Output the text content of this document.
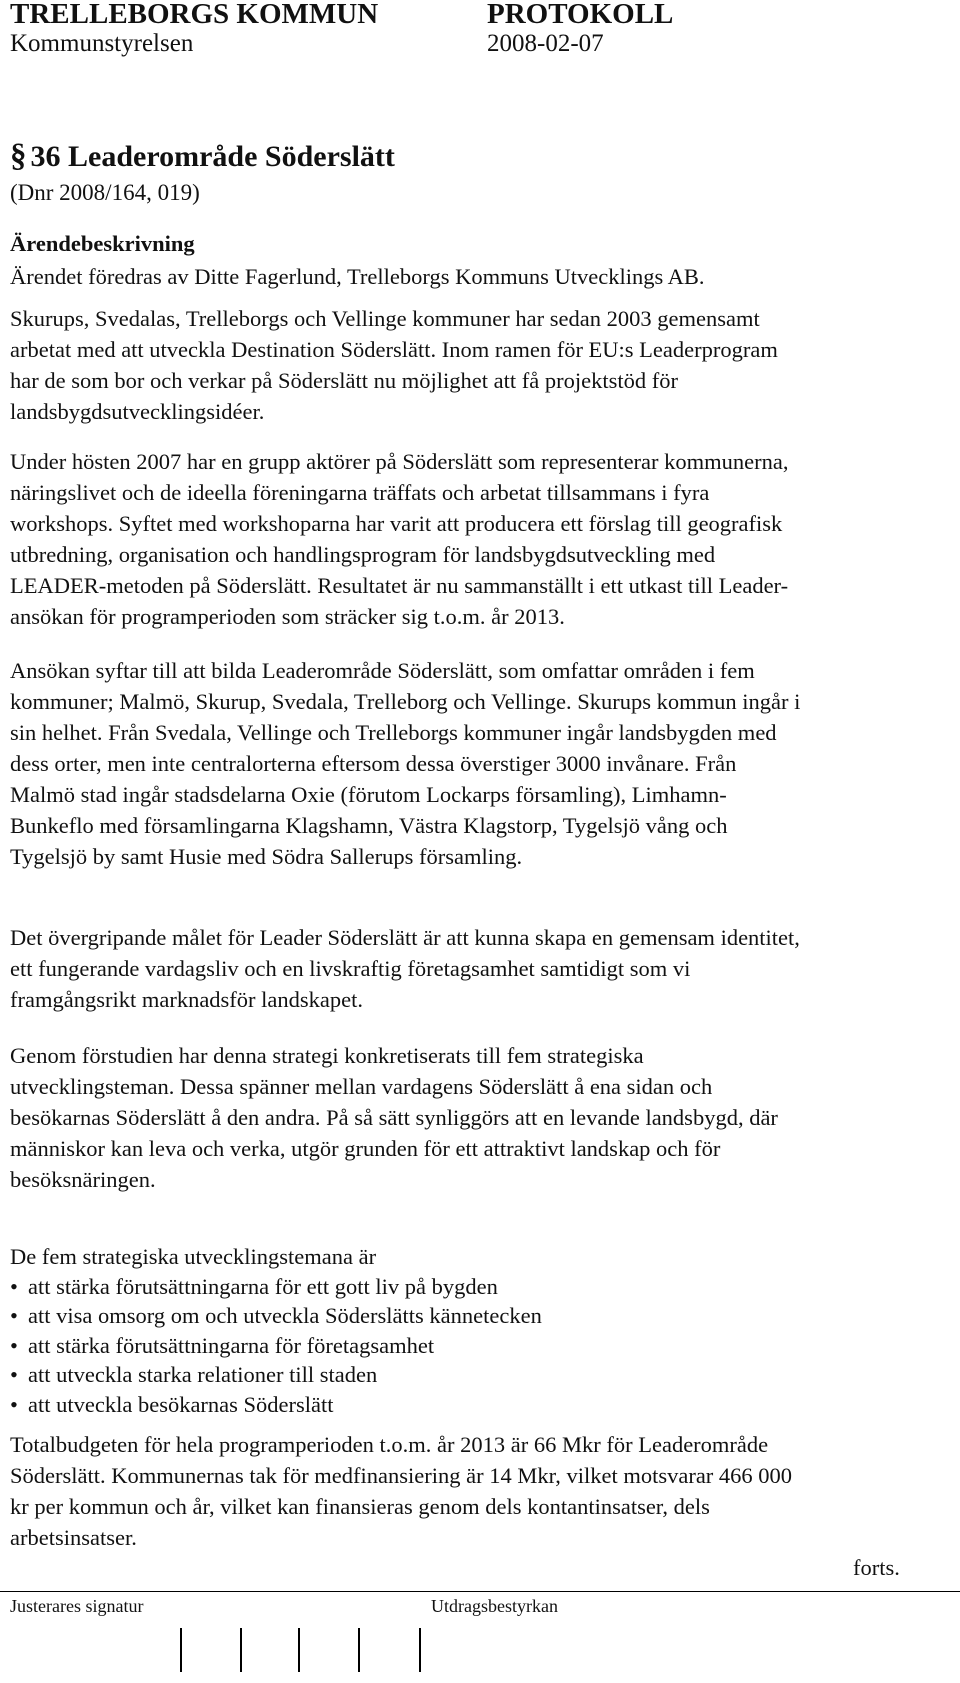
TRELLEBORGS KOMMUN	PROTOKOLL
Kommunstyrelsen	2008-02-07
§ 36 Leaderområde Söderslätt
(Dnr 2008/164, 019)
Ärendebeskrivning
Ärendet föredras av Ditte Fagerlund, Trelleborgs Kommuns Utvecklings AB.
Skurups, Svedalas, Trelleborgs och Vellinge kommuner har sedan 2003 gemensamt
arbetat med att utveckla Destination Söderslätt. Inom ramen för EU:s Leaderprogram
har de som bor och verkar på Söderslätt nu möjlighet att få projektstöd för
landsbygdsutvecklingsidéer.
Under hösten 2007 har en grupp aktörer på Söderslätt som representerar kommunerna,
näringslivet och de ideella föreningarna träffats och arbetat tillsammans i fyra
workshops. Syftet med workshoparna har varit att producera ett förslag till geografisk
utbredning, organisation och handlingsprogram för landsbygdsutveckling med
LEADER-metoden på Söderslätt. Resultatet är nu sammanställt i ett utkast till Leader-
ansökan för programperioden som sträcker sig t.o.m. år 2013.
Ansökan syftar till att bilda Leaderområde Söderslätt, som omfattar områden i fem
kommuner; Malmö, Skurup, Svedala, Trelleborg och Vellinge. Skurups kommun ingår i
sin helhet. Från Svedala, Vellinge och Trelleborgs kommuner ingår landsbygden med
dess orter, men inte centralorterna eftersom dessa överstiger 3000 invånare. Från
Malmö stad ingår stadsdelarna Oxie (förutom Lockarps församling), Limhamn-
Bunkeflo med församlingarna Klagshamn, Västra Klagstorp, Tygelsjö vång och
Tygelsjö by samt Husie med Södra Sallerups församling.
Det övergripande målet för Leader Söderslätt är att kunna skapa en gemensam identitet,
ett fungerande vardagsliv och en livskraftig företagsamhet samtidigt som vi
framgångsrikt marknadsför landskapet.
Genom förstudien har denna strategi konkretiserats till fem strategiska
utvecklingsteman. Dessa spänner mellan vardagens Söderslätt å ena sidan och
besökarnas Söderslätt å den andra. På så sätt synliggörs att en levande landsbygd, där
människor kan leva och verka, utgör grunden för ett attraktivt landskap och för
besöksnäringen.
De fem strategiska utvecklingstemana är
• att stärka förutsättningarna för ett gott liv på bygden
• att visa omsorg om och utveckla Söderslätts kännetecken
• att stärka förutsättningarna för företagsamhet
• att utveckla starka relationer till staden
• att utveckla besökarnas Söderslätt
Totalbudgeten för hela programperioden t.o.m. år 2013 är 66 Mkr för Leaderområde
Söderslätt. Kommunernas tak för medfinansiering är 14 Mkr, vilket motsvarar 466 000
kr per kommun och år, vilket kan finansieras genom dels kontantinsatser, dels
arbetsinsatser.
forts.
Justerares signatur	Utdragsbestyrkan
